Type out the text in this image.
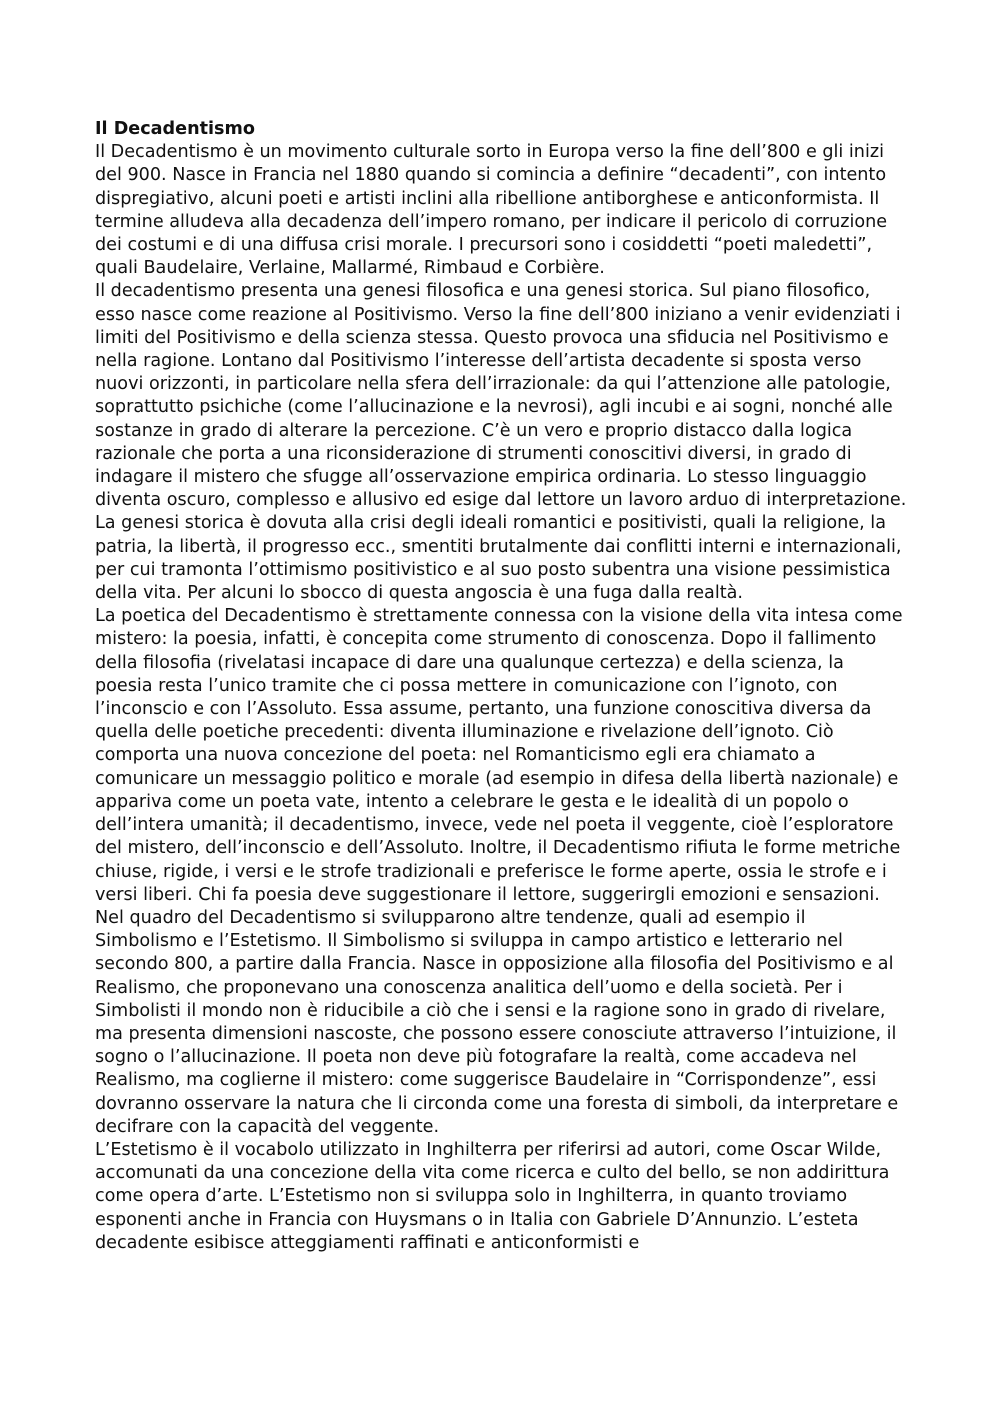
Il Decadentismo

Il Decadentismo è un movimento culturale sorto in Europa verso la fine dell’800 e gli inizi del 900. Nasce in Francia nel 1880 quando si comincia a definire “decadenti”, con intento dispregiativo, alcuni poeti e artisti inclini alla ribellione antiborghese e anticonformista. Il termine alludeva alla decadenza dell’impero romano, per indicare il pericolo di corruzione dei costumi e di una diffusa crisi morale. I precursori sono i cosiddetti “poeti maledetti”, quali Baudelaire, Verlaine, Mallarmé, Rimbaud e Corbière.

Il decadentismo presenta una genesi filosofica e una genesi storica. Sul piano filosofico, esso nasce come reazione al Positivismo. Verso la fine dell’800 iniziano a venir evidenziati i limiti del Positivismo e della scienza stessa. Questo provoca una sfiducia nel Positivismo e nella ragione. Lontano dal Positivismo l’interesse dell’artista decadente si sposta verso nuovi orizzonti, in particolare nella sfera dell’irrazionale: da qui l’attenzione alle patologie, soprattutto psichiche (come l’allucinazione e la nevrosi), agli incubi e ai sogni, nonché alle sostanze in grado di alterare la percezione. C’è un vero e proprio distacco dalla logica razionale che porta a una riconsiderazione di strumenti conoscitivi diversi, in grado di indagare il mistero che sfugge all’osservazione empirica ordinaria. Lo stesso linguaggio diventa oscuro, complesso e allusivo ed esige dal lettore un lavoro arduo di interpretazione. La genesi storica è dovuta alla crisi degli ideali romantici e positivisti, quali la religione, la patria, la libertà, il progresso ecc., smentiti brutalmente dai conflitti interni e internazionali, per cui tramonta l’ottimismo positivistico e al suo posto subentra una visione pessimistica della vita. Per alcuni lo sbocco di questa angoscia è una fuga dalla realtà.

La poetica del Decadentismo è strettamente connessa con la visione della vita intesa come mistero: la poesia, infatti, è concepita come strumento di conoscenza. Dopo il fallimento della filosofia (rivelatasi incapace di dare una qualunque certezza) e della scienza, la poesia resta l’unico tramite che ci possa mettere in comunicazione con l’ignoto, con l’inconscio e con l’Assoluto. Essa assume, pertanto, una funzione conoscitiva diversa da quella delle poetiche precedenti: diventa illuminazione e rivelazione dell’ignoto. Ciò comporta una nuova concezione del poeta: nel Romanticismo egli era chiamato a comunicare un messaggio politico e morale (ad esempio in difesa della libertà nazionale) e appariva come un poeta vate, intento a celebrare le gesta e le idealità di un popolo o dell’intera umanità; il decadentismo, invece, vede nel poeta il veggente, cioè l’esploratore del mistero, dell’inconscio e dell’Assoluto. Inoltre, il Decadentismo rifiuta le forme metriche chiuse, rigide, i versi e le strofe tradizionali e preferisce le forme aperte, ossia le strofe e i versi liberi. Chi fa poesia deve suggestionare il lettore, suggerirgli emozioni e sensazioni.

Nel quadro del Decadentismo si svilupparono altre tendenze, quali ad esempio il Simbolismo e l’Estetismo. Il Simbolismo si sviluppa in campo artistico e letterario nel secondo 800, a partire dalla Francia. Nasce in opposizione alla filosofia del Positivismo e al Realismo, che proponevano una conoscenza analitica dell’uomo e della società. Per i Simbolisti il mondo non è riducibile a ciò che i sensi e la ragione sono in grado di rivelare, ma presenta dimensioni nascoste, che possono essere conosciute attraverso l’intuizione, il sogno o l’allucinazione. Il poeta non deve più fotografare la realtà, come accadeva nel Realismo, ma coglierne il mistero: come suggerisce Baudelaire in “Corrispondenze”, essi dovranno osservare la natura che li circonda come una foresta di simboli, da interpretare e decifrare con la capacità del veggente.

L’Estetismo è il vocabolo utilizzato in Inghilterra per riferirsi ad autori, come Oscar Wilde, accomunati da una concezione della vita come ricerca e culto del bello, se non addirittura come opera d’arte. L’Estetismo non si sviluppa solo in Inghilterra, in quanto troviamo esponenti anche in Francia con Huysmans o in Italia con Gabriele D’Annunzio. L’esteta decadente esibisce atteggiamenti raffinati e anticonformisti e
